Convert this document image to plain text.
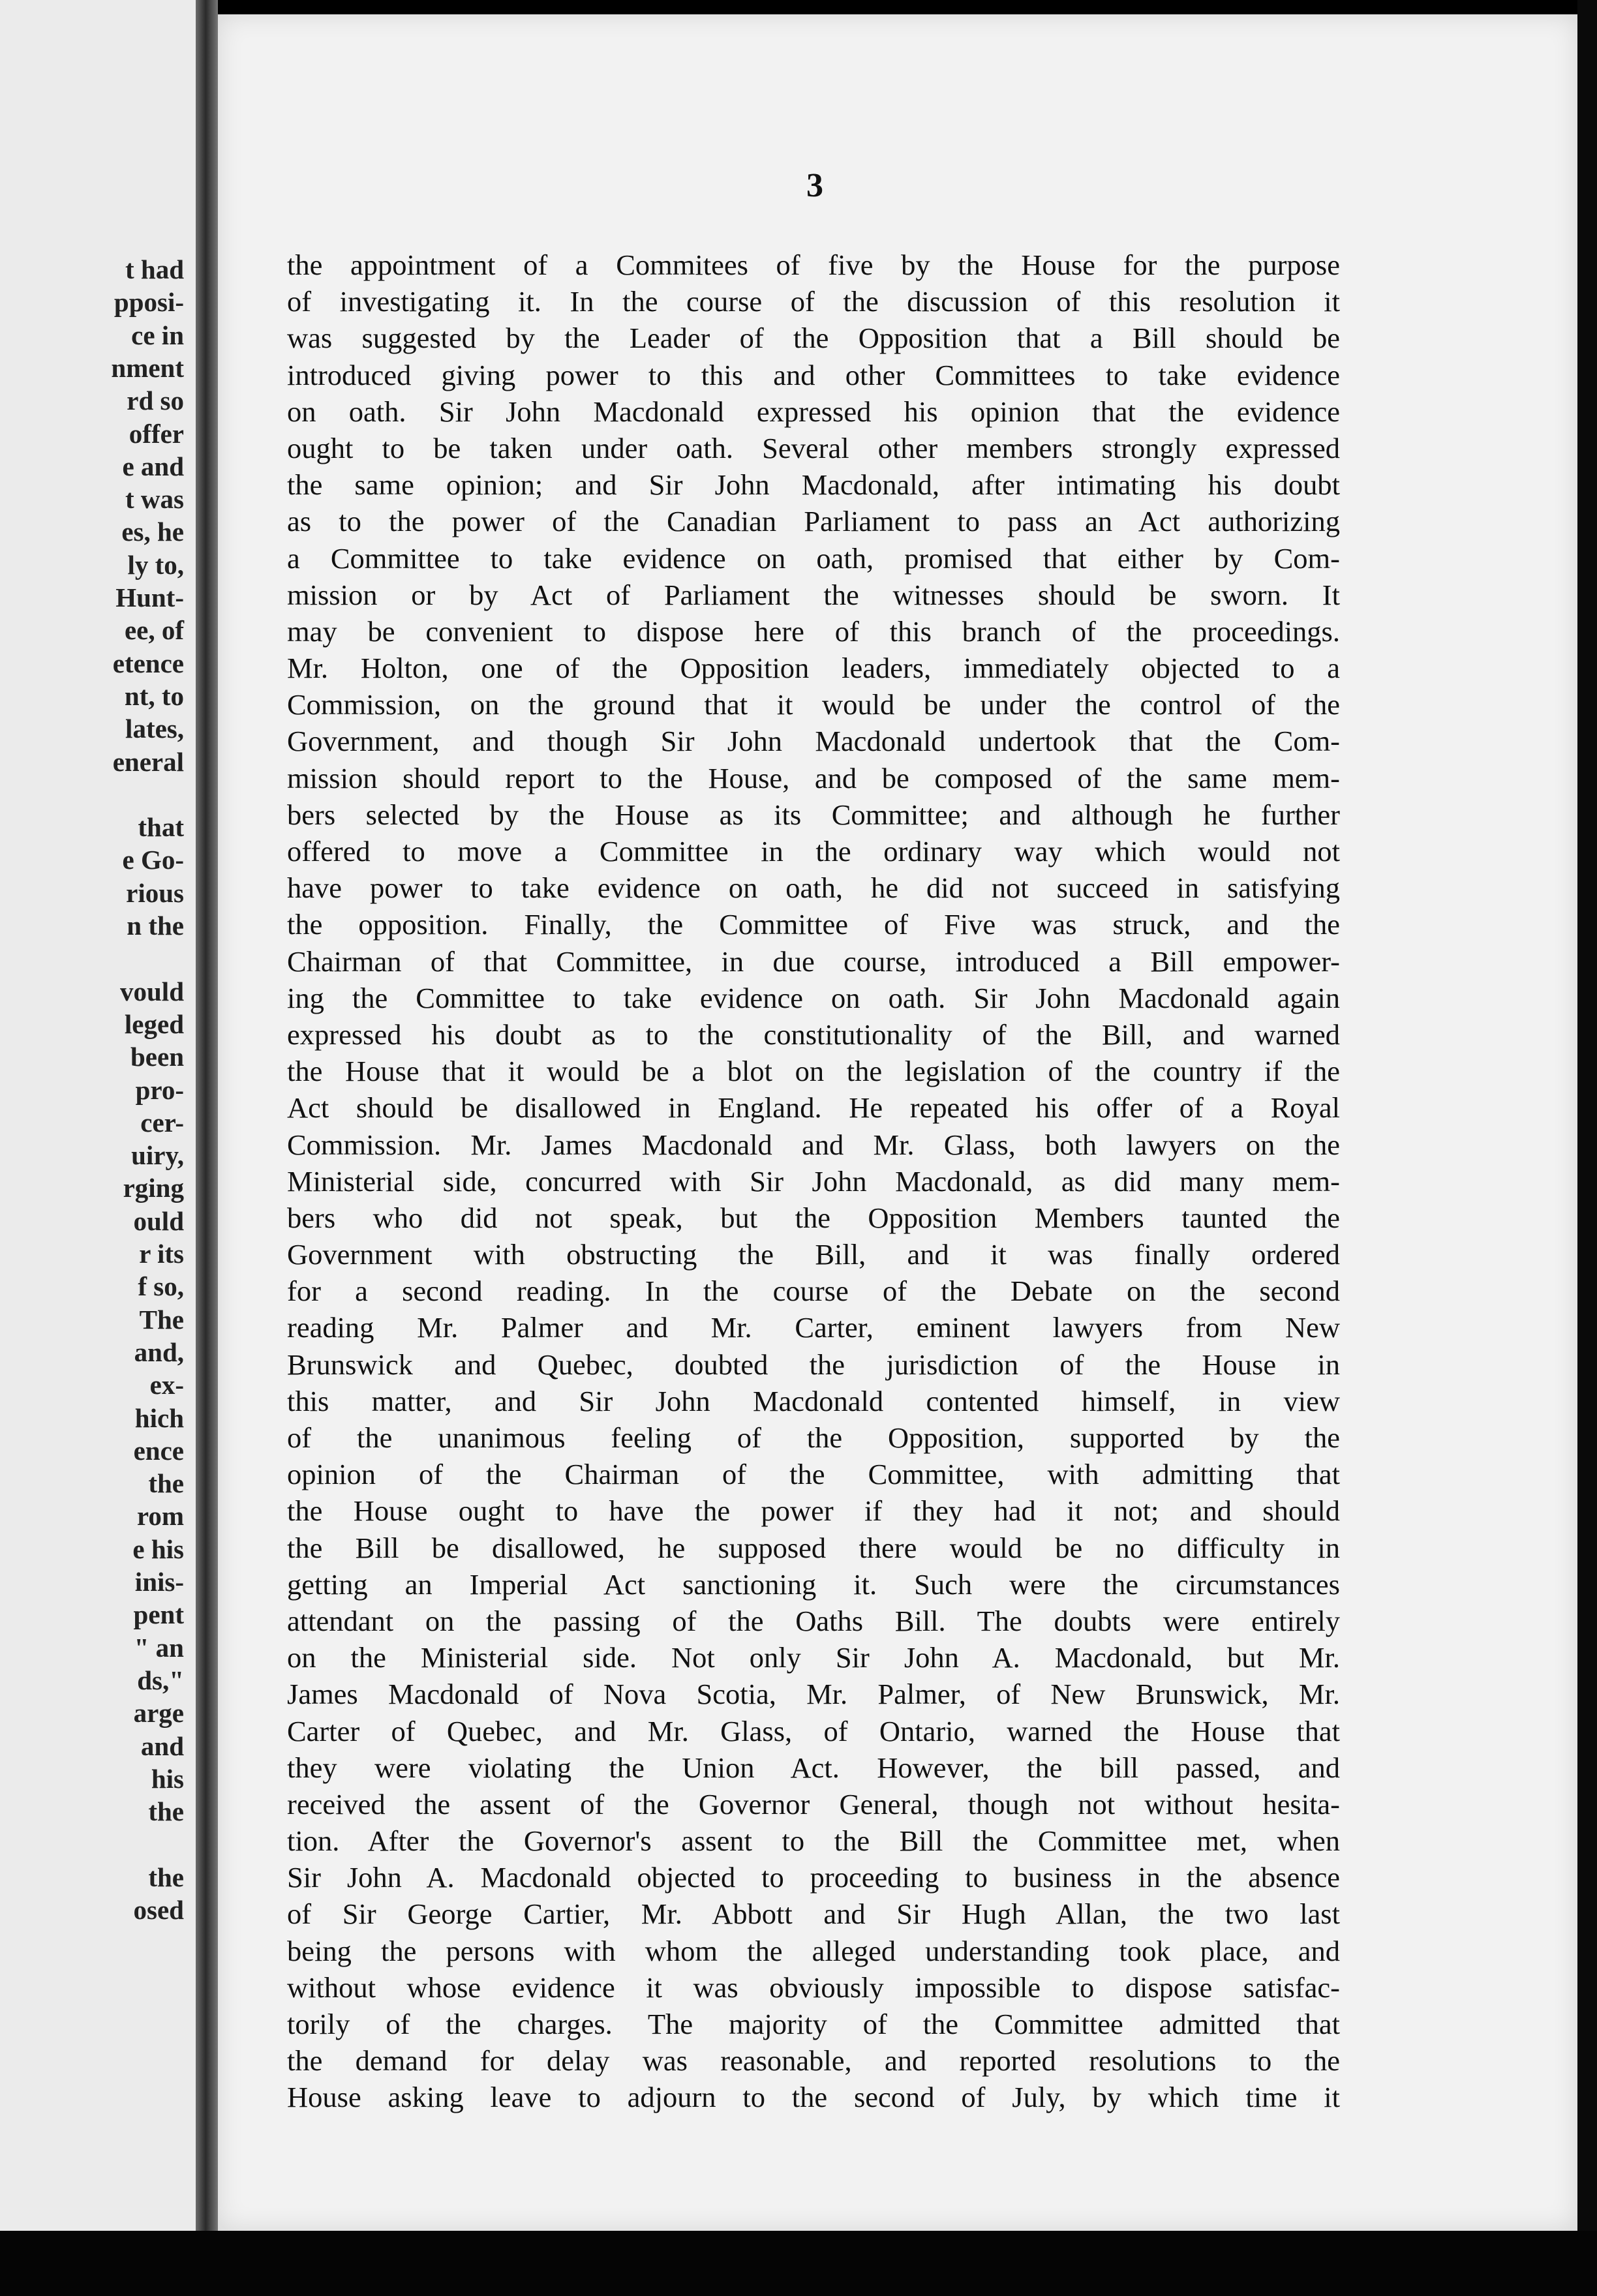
t had
pposi-
ce in
nment
rd so
offer
e and
t was
es, he
ly to,
Hunt-
ee, of
etence
nt, to
lates,
eneral
that
e Go-
rious
n the
vould
leged
been
pro-
cer-
uiry,
rging
ould
r its
f so,
The
and,
ex-
hich
ence
the
rom
e his
inis-
pent
" an
ds,"
arge
and
his
the
the
osed
3
the appointment of a Commitees of five by the House for the purpose
of investigating it. In the course of the discussion of this resolution it
was suggested by the Leader of the Opposition that a Bill should be
introduced giving power to this and other Committees to take evidence
on oath. Sir John Macdonald expressed his opinion that the evidence
ought to be taken under oath. Several other members strongly expressed
the same opinion; and Sir John Macdonald, after intimating his doubt
as to the power of the Canadian Parliament to pass an Act authorizing
a Committee to take evidence on oath, promised that either by Com-
mission or by Act of Parliament the witnesses should be sworn. It
may be convenient to dispose here of this branch of the proceedings.
Mr. Holton, one of the Opposition leaders, immediately objected to a
Commission, on the ground that it would be under the control of the
Government, and though Sir John Macdonald undertook that the Com-
mission should report to the House, and be composed of the same mem-
bers selected by the House as its Committee; and although he further
offered to move a Committee in the ordinary way which would not
have power to take evidence on oath, he did not succeed in satisfying
the opposition. Finally, the Committee of Five was struck, and the
Chairman of that Committee, in due course, introduced a Bill empower-
ing the Committee to take evidence on oath. Sir John Macdonald again
expressed his doubt as to the constitutionality of the Bill, and warned
the House that it would be a blot on the legislation of the country if the
Act should be disallowed in England. He repeated his offer of a Royal
Commission. Mr. James Macdonald and Mr. Glass, both lawyers on the
Ministerial side, concurred with Sir John Macdonald, as did many mem-
bers who did not speak, but the Opposition Members taunted the
Government with obstructing the Bill, and it was finally ordered
for a second reading. In the course of the Debate on the second
reading Mr. Palmer and Mr. Carter, eminent lawyers from New
Brunswick and Quebec, doubted the jurisdiction of the House in
this matter, and Sir John Macdonald contented himself, in view
of the unanimous feeling of the Opposition, supported by the
opinion of the Chairman of the Committee, with admitting that
the House ought to have the power if they had it not; and should
the Bill be disallowed, he supposed there would be no difficulty in
getting an Imperial Act sanctioning it. Such were the circumstances
attendant on the passing of the Oaths Bill. The doubts were entirely
on the Ministerial side. Not only Sir John A. Macdonald, but Mr.
James Macdonald of Nova Scotia, Mr. Palmer, of New Brunswick, Mr.
Carter of Quebec, and Mr. Glass, of Ontario, warned the House that
they were violating the Union Act. However, the bill passed, and
received the assent of the Governor General, though not without hesita-
tion. After the Governor's assent to the Bill the Committee met, when
Sir John A. Macdonald objected to proceeding to business in the absence
of Sir George Cartier, Mr. Abbott and Sir Hugh Allan, the two last
being the persons with whom the alleged understanding took place, and
without whose evidence it was obviously impossible to dispose satisfac-
torily of the charges. The majority of the Committee admitted that
the demand for delay was reasonable, and reported resolutions to the
House asking leave to adjourn to the second of July, by which time it
